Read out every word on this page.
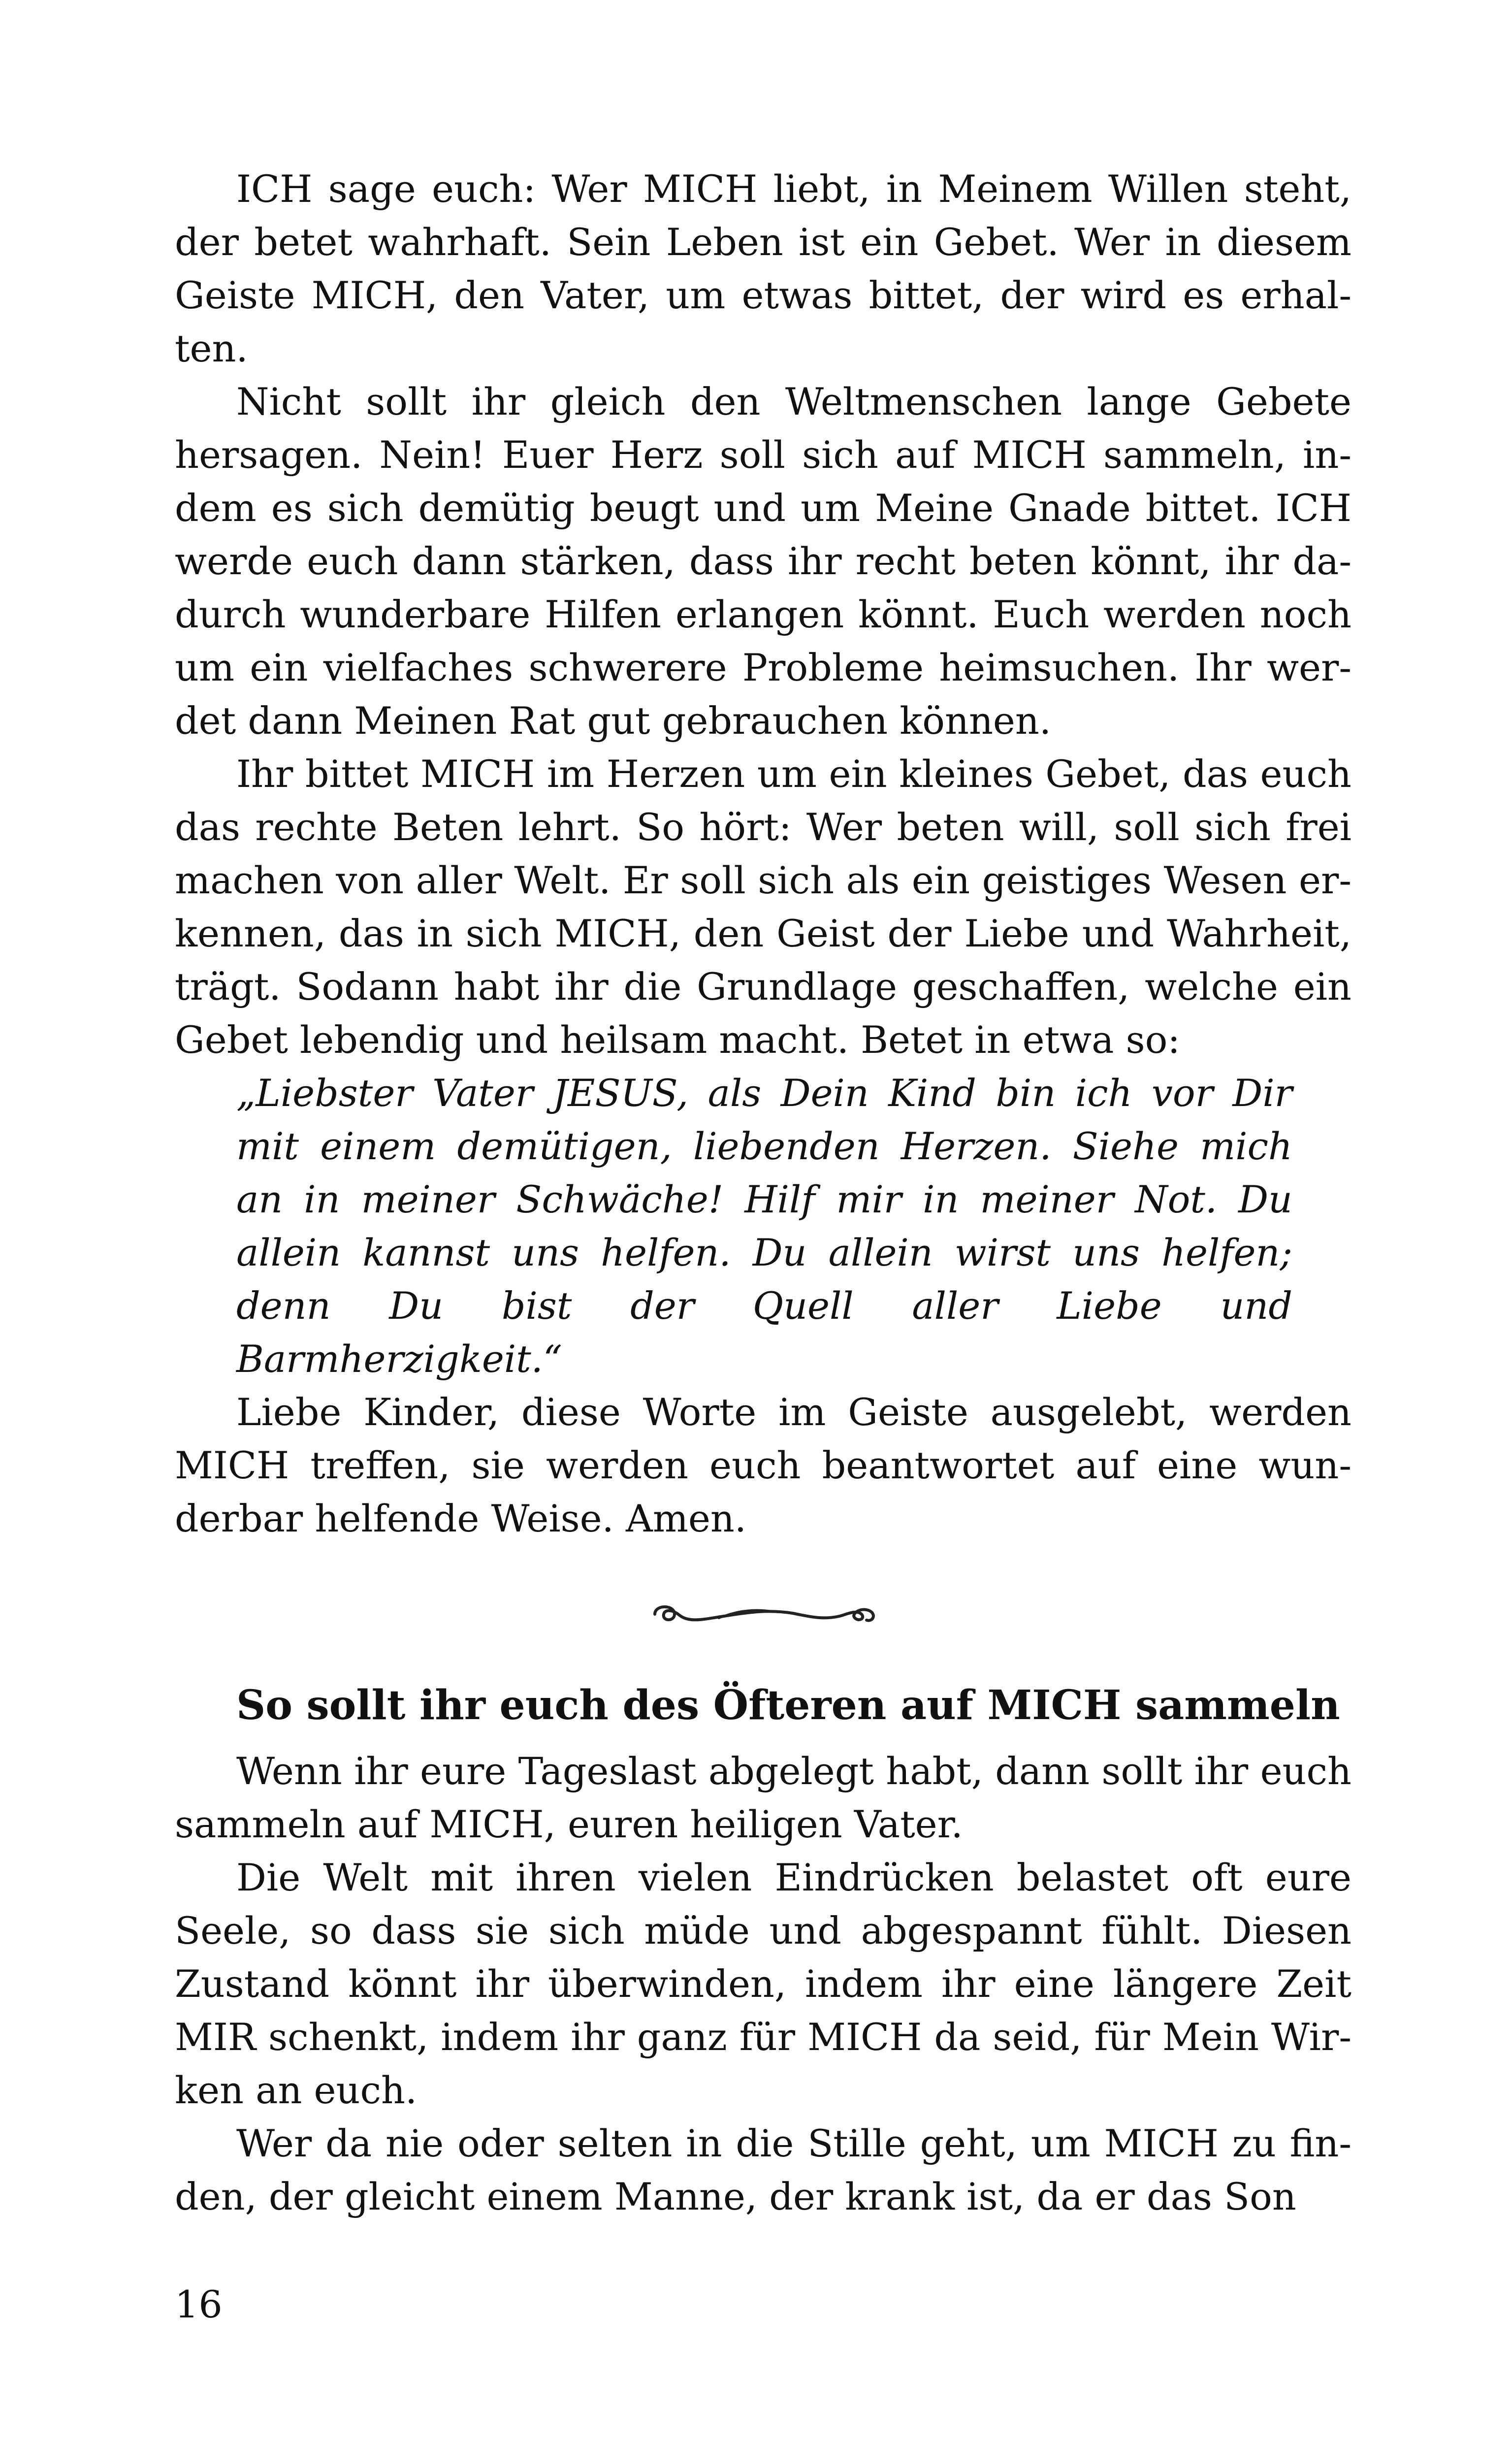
ICH sage euch: Wer MICH liebt, in Meinem Willen steht, der betet wahrhaft. Sein Leben ist ein Gebet. Wer in diesem Geiste MICH, den Vater, um etwas bittet, der wird es erhalten.

Nicht sollt ihr gleich den Weltmenschen lange Gebete hersagen. Nein! Euer Herz soll sich auf MICH sammeln, indem es sich demütig beugt und um Meine Gnade bittet. ICH werde euch dann stärken, dass ihr recht beten könnt, ihr dadurch wunderbare Hilfen erlangen könnt. Euch werden noch um ein vielfaches schwerere Probleme heimsuchen. Ihr werdet dann Meinen Rat gut gebrauchen können.

Ihr bittet MICH im Herzen um ein kleines Gebet, das euch das rechte Beten lehrt. So hört: Wer beten will, soll sich frei machen von aller Welt. Er soll sich als ein geistiges Wesen erkennen, das in sich MICH, den Geist der Liebe und Wahrheit, trägt. Sodann habt ihr die Grundlage geschaffen, welche ein Gebet lebendig und heilsam macht. Betet in etwa so:

„Liebster Vater JESUS, als Dein Kind bin ich vor Dir mit einem demütigen, liebenden Herzen. Siehe mich an in meiner Schwäche! Hilf mir in meiner Not. Du allein kannst uns helfen. Du allein wirst uns helfen; denn Du bist der Quell aller Liebe und Barmherzigkeit.“

Liebe Kinder, diese Worte im Geiste ausgelebt, werden MICH treffen, sie werden euch beantwortet auf eine wunderbar helfende Weise. Amen.

So sollt ihr euch des Öfteren auf MICH sammeln

Wenn ihr eure Tageslast abgelegt habt, dann sollt ihr euch sammeln auf MICH, euren heiligen Vater.

Die Welt mit ihren vielen Eindrücken belastet oft eure Seele, so dass sie sich müde und abgespannt fühlt. Diesen Zustand könnt ihr überwinden, indem ihr eine längere Zeit MIR schenkt, indem ihr ganz für MICH da seid, für Mein Wirken an euch.

Wer da nie oder selten in die Stille geht, um MICH zu finden, der gleicht einem Manne, der krank ist, da er das Son

16
